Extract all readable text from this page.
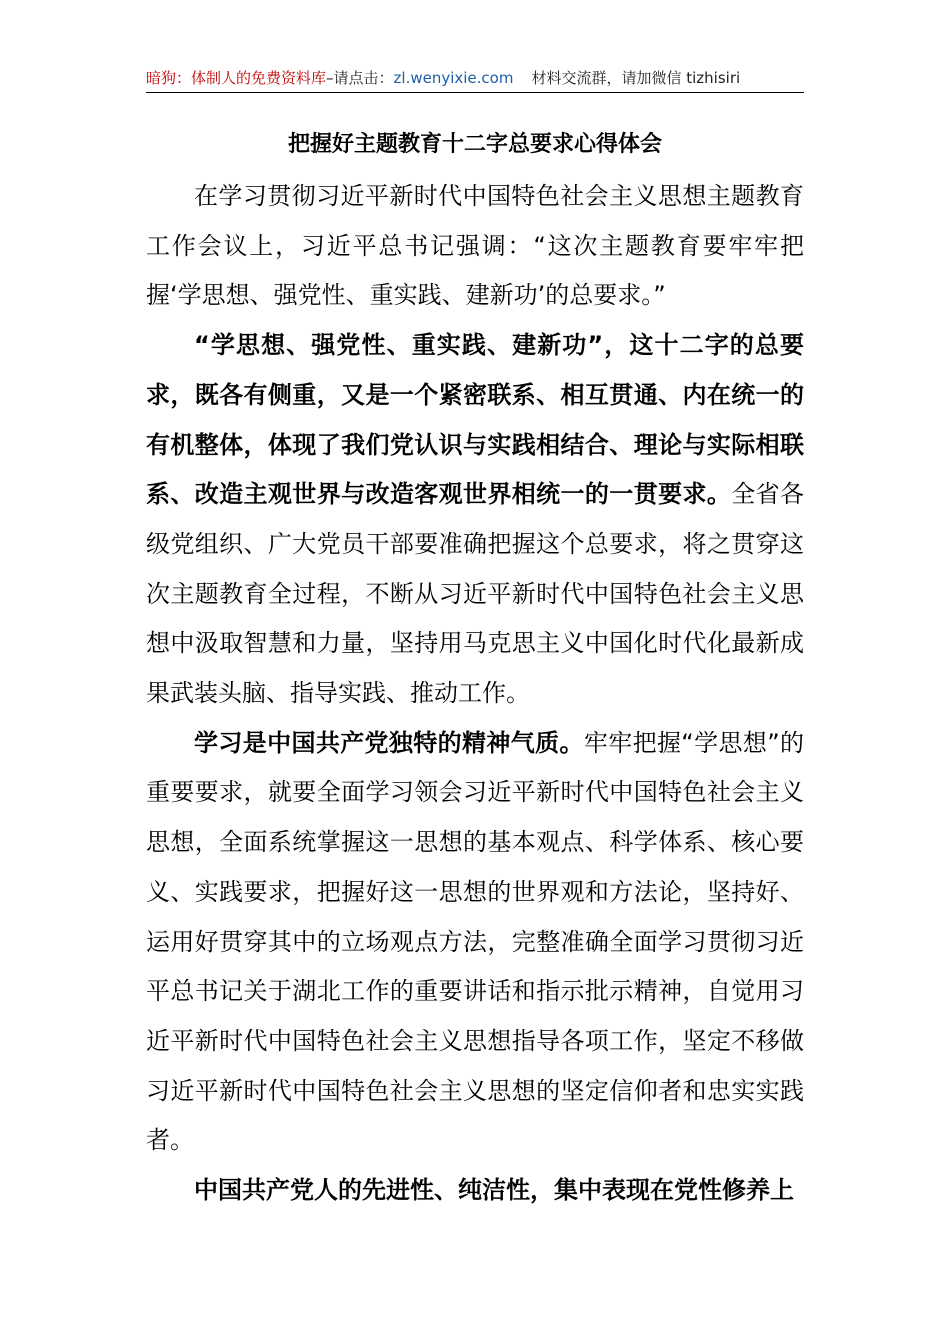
暗狗：体制人的免费资料库–请点击：zl.wenyixie.com 材料交流群，请加微信 tizhisiri
把握好主题教育十二字总要求心得体会

在学习贯彻习近平新时代中国特色社会主义思想主题教育工作会议上，习近平总书记强调：“这次主题教育要牢牢把握‘学思想、强党性、重实践、建新功’的总要求。”

“学思想、强党性、重实践、建新功”，这十二字的总要求，既各有侧重，又是一个紧密联系、相互贯通、内在统一的有机整体，体现了我们党认识与实践相结合、理论与实际相联系、改造主观世界与改造客观世界相统一的一贯要求。全省各级党组织、广大党员干部要准确把握这个总要求，将之贯穿这次主题教育全过程，不断从习近平新时代中国特色社会主义思想中汲取智慧和力量，坚持用马克思主义中国化时代化最新成果武装头脑、指导实践、推动工作。

学习是中国共产党独特的精神气质。牢牢把握“学思想”的重要要求，就要全面学习领会习近平新时代中国特色社会主义思想，全面系统掌握这一思想的基本观点、科学体系、核心要义、实践要求，把握好这一思想的世界观和方法论，坚持好、运用好贯穿其中的立场观点方法，完整准确全面学习贯彻习近平总书记关于湖北工作的重要讲话和指示批示精神，自觉用习近平新时代中国特色社会主义思想指导各项工作，坚定不移做习近平新时代中国特色社会主义思想的坚定信仰者和忠实实践者。

中国共产党人的先进性、纯洁性，集中表现在党性修养上
